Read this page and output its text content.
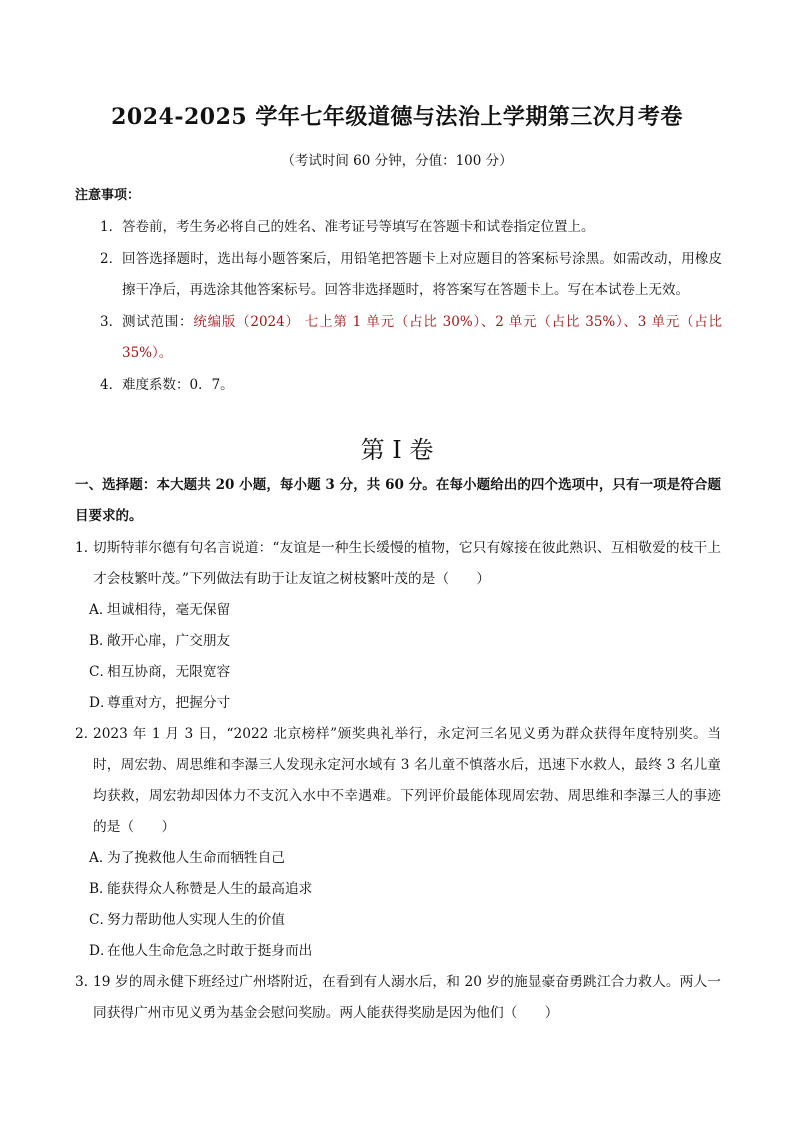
2024-2025 学年七年级道德与法治上学期第三次月考卷
（考试时间 60 分钟，分值：100 分）
注意事项：
1． 答卷前，考生务必将自己的姓名、准考证号等填写在答题卡和试卷指定位置上。
2． 回答选择题时，选出每小题答案后，用铅笔把答题卡上对应题目的答案标号涂黑。如需改动，用橡皮擦干净后，再选涂其他答案标号。回答非选择题时，将答案写在答题卡上。写在本试卷上无效。
3． 测试范围：统编版（2024） 七上第 1 单元（占比 30%）、2 单元（占比 35%）、3 单元（占比 35%）。
4． 难度系数：0．7。
第 I 卷
一、选择题：本大题共 20 小题，每小题 3 分，共 60 分。在每小题给出的四个选项中，只有一项是符合题目要求的。
1．
切斯特菲尔德有句名言说道：“友谊是一种生长缓慢的植物，它只有嫁接在彼此熟识、互相敬爱的枝干上才会枝繁叶茂。”下列做法有助于让友谊之树枝繁叶茂的是（　　）
A．坦诚相待，毫无保留
B．敞开心扉，广交朋友
C．相互协商，无限宽容
D．尊重对方，把握分寸
2．
2023 年 1 月 3 日，“2022 北京榜样”颁奖典礼举行，永定河三名见义勇为群众获得年度特别奖。当时，周宏勃、周思维和李瀑三人发现永定河水域有 3 名儿童不慎落水后，迅速下水救人，最终 3 名儿童均获救，周宏勃却因体力不支沉入水中不幸遇难。下列评价最能体现周宏勃、周思维和李瀑三人的事迹的是（　　）
A．为了挽救他人生命而牺牲自己
B．能获得众人称赞是人生的最高追求
C．努力帮助他人实现人生的价值
D．在他人生命危急之时敢于挺身而出
3．
19 岁的周永健下班经过广州塔附近，在看到有人溺水后，和 20 岁的施显豪奋勇跳江合力救人。两人一同获得广州市见义勇为基金会慰问奖励。两人能获得奖励是因为他们（　　）
